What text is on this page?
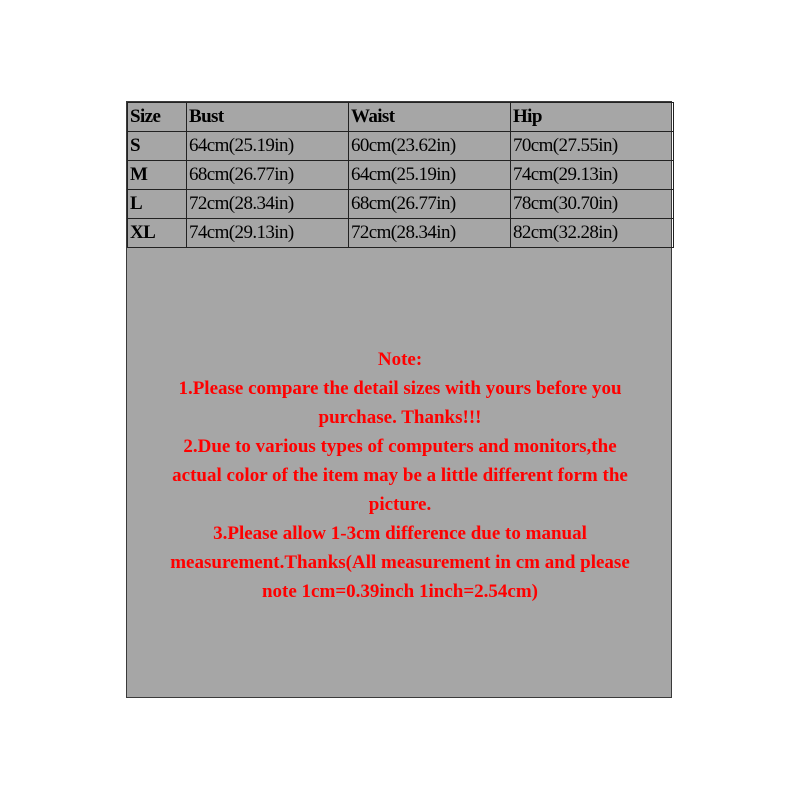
Size	Bust	Waist	Hip
S	64cm(25.19in)	60cm(23.62in)	70cm(27.55in)
M	68cm(26.77in)	64cm(25.19in)	74cm(29.13in)
L	72cm(28.34in)	68cm(26.77in)	78cm(30.70in)
XL	74cm(29.13in)	72cm(28.34in)	82cm(32.28in)
Note:
1.Please compare the detail sizes with yours before you
purchase. Thanks!!!
2.Due to various types of computers and monitors,the
actual color of the item may be a little different form the
picture.
3.Please allow 1-3cm difference due to manual
measurement.Thanks(All measurement in cm and please
note 1cm=0.39inch 1inch=2.54cm)
